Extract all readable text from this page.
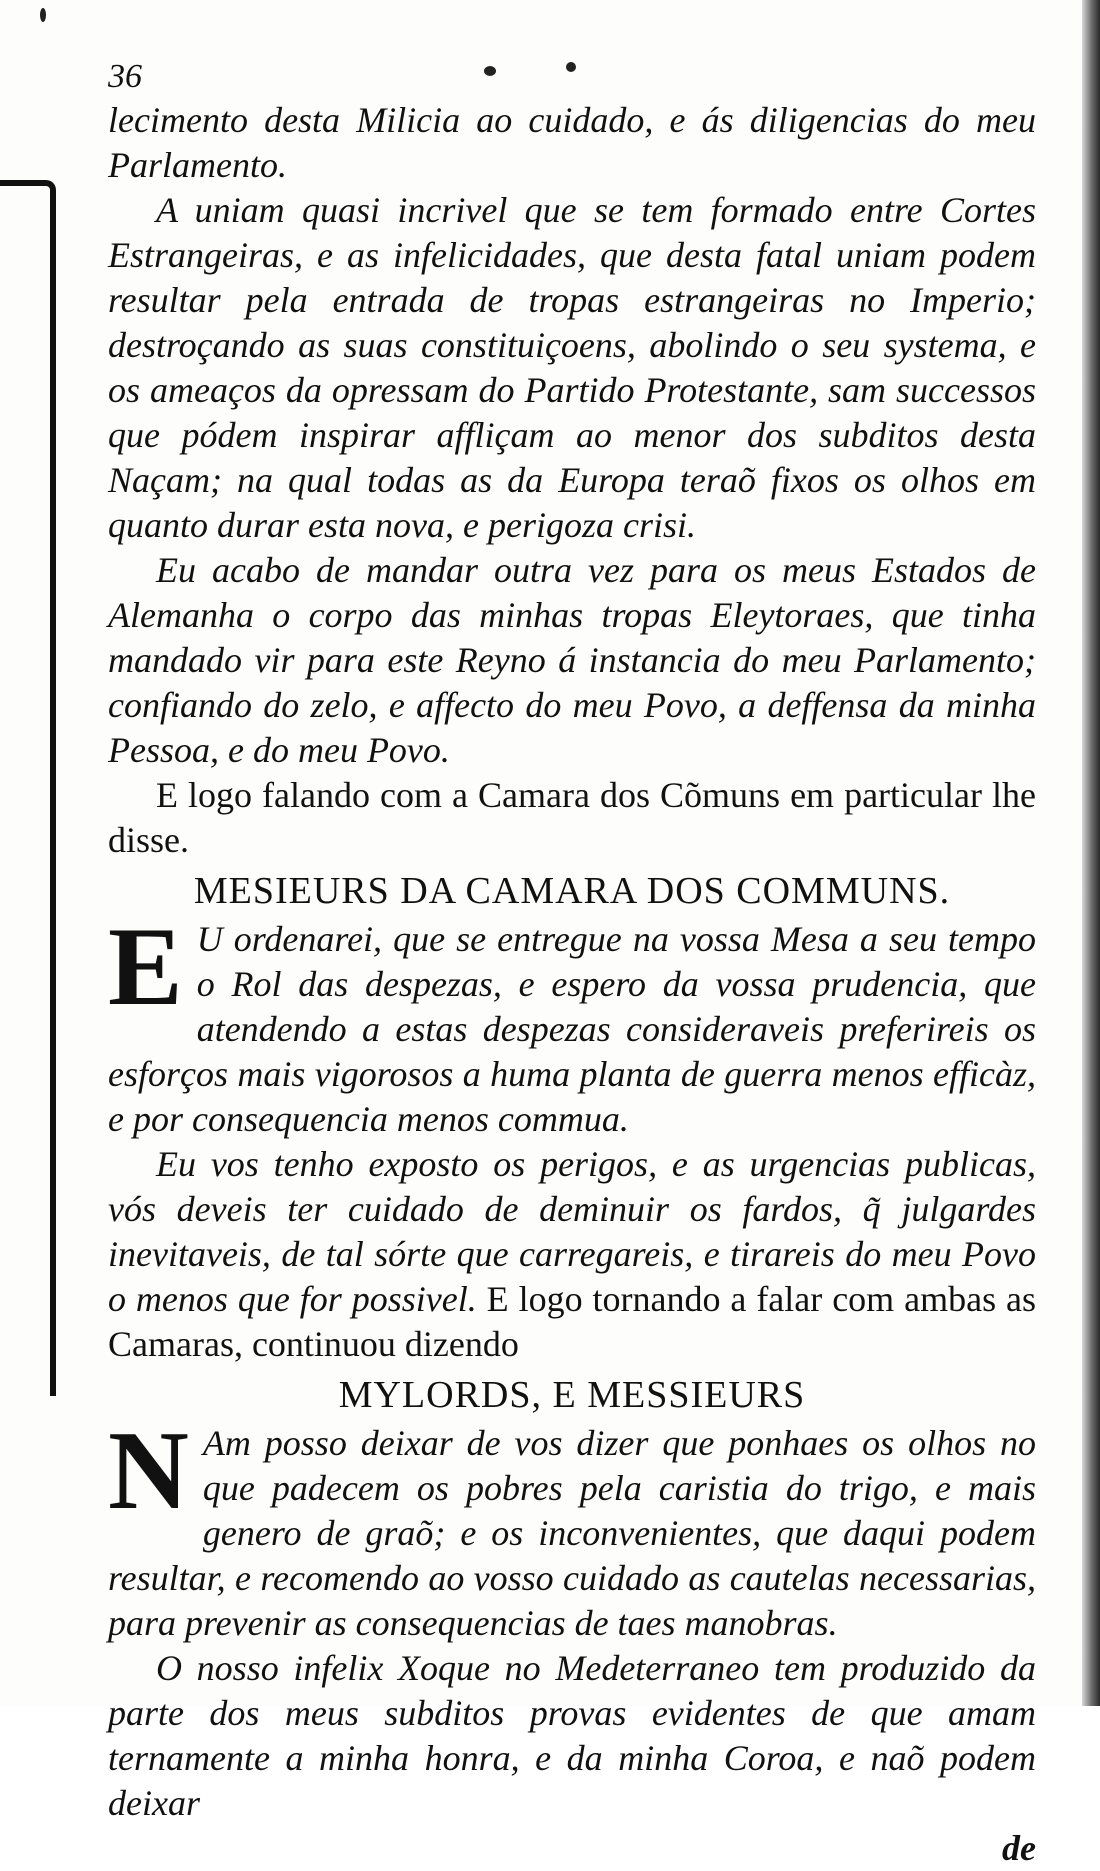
36

lecimento desta Milicia ao cuidado, e ás diligencias do meu Parlamento.

A uniam quasi incrivel que se tem formado entre Cortes Estrangeiras, e as infelicidades, que desta fatal uniam podem resultar pela entrada de tropas estrangeiras no Imperio; destroçando as suas constituiçoens, abolindo o seu systema, e os ameaços da opressam do Partido Protestante, sam successos que pódem inspirar affliçam ao menor dos subditos desta Naçam; na qual todas as da Europa teraõ fixos os olhos em quanto durar esta nova, e perigoza crisi.

Eu acabo de mandar outra vez para os meus Estados de Alemanha o corpo das minhas tropas Eleytoraes, que tinha mandado vir para este Reyno á instancia do meu Parlamento; confiando do zelo, e affecto do meu Povo, a deffensa da minha Pessoa, e do meu Povo.

E logo falando com a Camara dos Cõmuns em particular lhe disse.

MESIEURS DA CAMARA DOS COMMUNS.

E U ordenarei, que se entregue na vossa Mesa a seu tempo o Rol das despezas, e espero da vossa prudencia, que atendendo a estas despezas consideraveis preferireis os esforços mais vigorosos a huma planta de guerra menos efficàz, e por consequencia menos commua.

Eu vos tenho exposto os perigos, e as urgencias publicas, vós deveis ter cuidado de deminuir os fardos, q̃ julgardes inevitaveis, de tal sórte que carregareis, e tirareis do meu Povo o menos que for possivel. E logo tornando a falar com ambas as Camaras, continuou dizendo

MYLORDS, E MESSIEURS

N Am posso deixar de vos dizer que ponhaes os olhos no que padecem os pobres pela caristia do trigo, e mais genero de graõ; e os inconvenientes, que daqui podem resultar, e recomendo ao vosso cuidado as cautelas necessarias, para prevenir as consequencias de taes manobras.

O nosso infelix Xoque no Medeterraneo tem produzido da parte dos meus subditos provas evidentes de que amam ternamente a minha honra, e da minha Coroa, e naõ podem deixar

de
